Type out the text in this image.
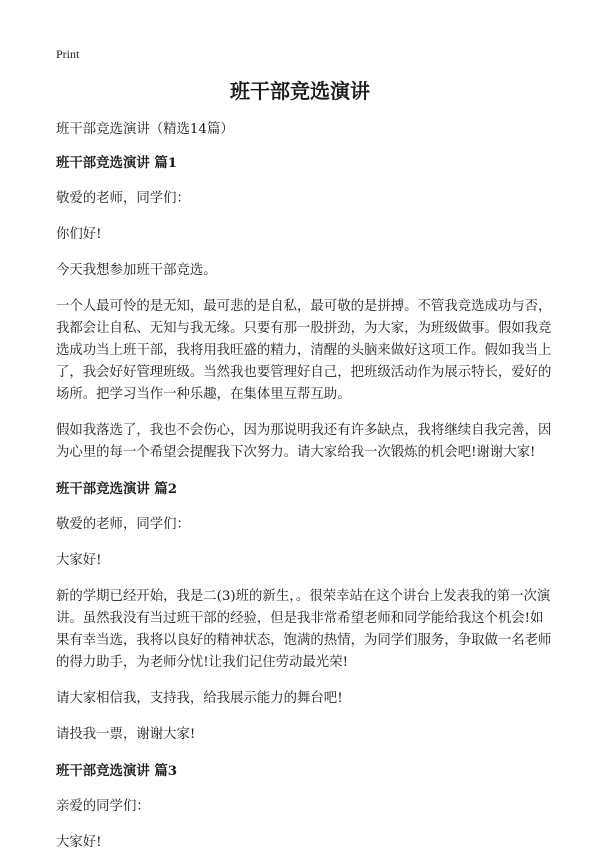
Print
班干部竞选演讲

班干部竞选演讲（精选14篇）

班干部竞选演讲 篇1

敬爱的老师，同学们：

你们好!

今天我想参加班干部竞选。

一个人最可怜的是无知，最可悲的是自私，最可敬的是拼搏。不管我竞选成功与否，我都会让自私、无知与我无缘。只要有那一股拼劲，为大家，为班级做事。假如我竞选成功当上班干部，我将用我旺盛的精力，清醒的头脑来做好这项工作。假如我当上了，我会好好管理班级。当然我也要管理好自己，把班级活动作为展示特长，爱好的场所。把学习当作一种乐趣，在集体里互帮互助。

假如我落选了，我也不会伤心，因为那说明我还有许多缺点，我将继续自我完善，因为心里的每一个希望会提醒我下次努力。请大家给我一次锻炼的机会吧!谢谢大家!

班干部竞选演讲 篇2

敬爱的老师，同学们：

大家好!

新的学期已经开始，我是二(3)班的新生，。很荣幸站在这个讲台上发表我的第一次演讲。虽然我没有当过班干部的经验，但是我非常希望老师和同学能给我这个机会!如果有幸当选，我将以良好的精神状态，饱满的热情，为同学们服务，争取做一名老师的得力助手，为老师分忧!让我们记住劳动最光荣!

请大家相信我，支持我，给我展示能力的舞台吧!

请投我一票，谢谢大家!

班干部竞选演讲 篇3

亲爱的同学们：

大家好!
